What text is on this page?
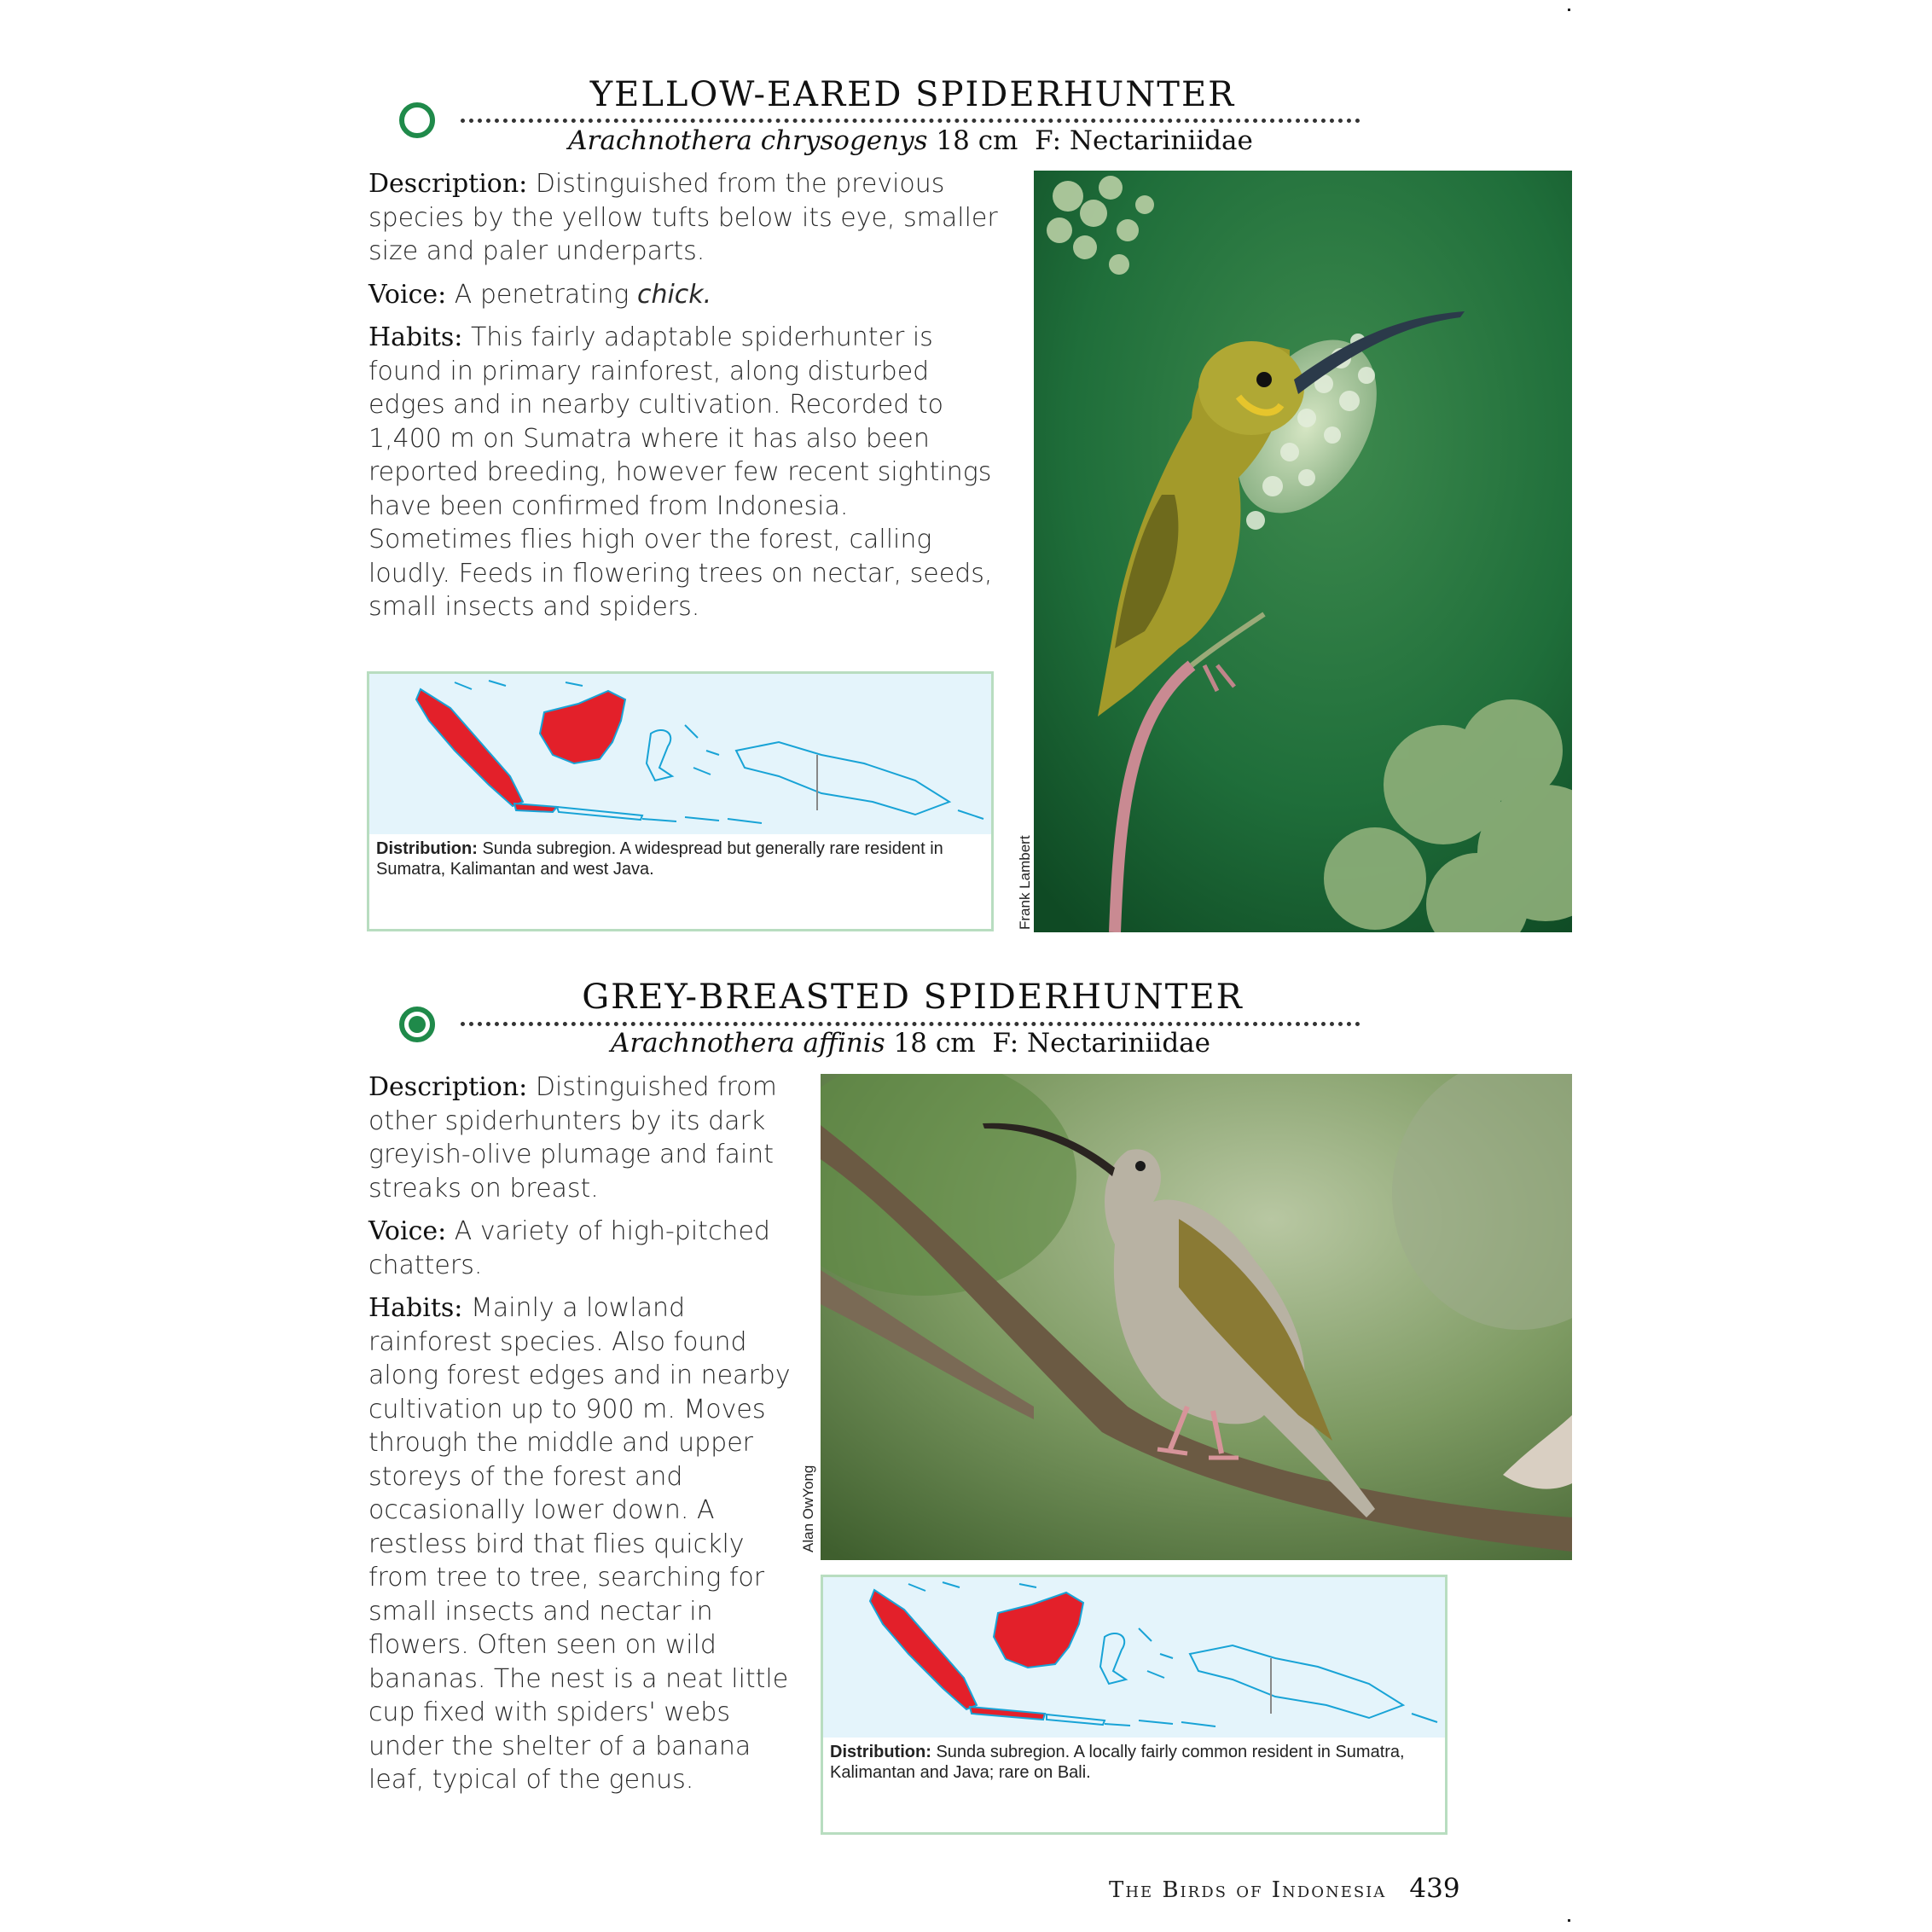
YELLOW-EARED SPIDERHUNTER
Arachnothera chrysogenys 18 cm F: Nectariniidae

Description: Distinguished from the previous species by the yellow tufts below its eye, smaller size and paler underparts.

Voice: A penetrating chick.

Habits: This fairly adaptable spiderhunter is found in primary rainforest, along disturbed edges and in nearby cultivation. Recorded to 1,400 m on Sumatra where it has also been reported breeding, however few recent sightings have been confirmed from Indonesia. Sometimes flies high over the forest, calling loudly. Feeds in flowering trees on nectar, seeds, small insects and spiders.

Frank Lambert
Distribution: Sunda subregion. A widespread but generally rare resident in Sumatra, Kalimantan and west Java.
GREY-BREASTED SPIDERHUNTER
Arachnothera affinis 18 cm F: Nectariniidae

Description: Distinguished from other spiderhunters by its dark greyish-olive plumage and faint streaks on breast.

Voice: A variety of high-pitched chatters.

Habits: Mainly a lowland rainforest species. Also found along forest edges and in nearby cultivation up to 900 m. Moves through the middle and upper storeys of the forest and occasionally lower down. A restless bird that flies quickly from tree to tree, searching for small insects and nectar in flowers. Often seen on wild bananas. The nest is a neat little cup fixed with spiders' webs under the shelter of a banana leaf, typical of the genus.

Alan OwYong
Distribution: Sunda subregion. A locally fairly common resident in Sumatra, Kalimantan and Java; rare on Bali.
The Birds of Indonesia 439
